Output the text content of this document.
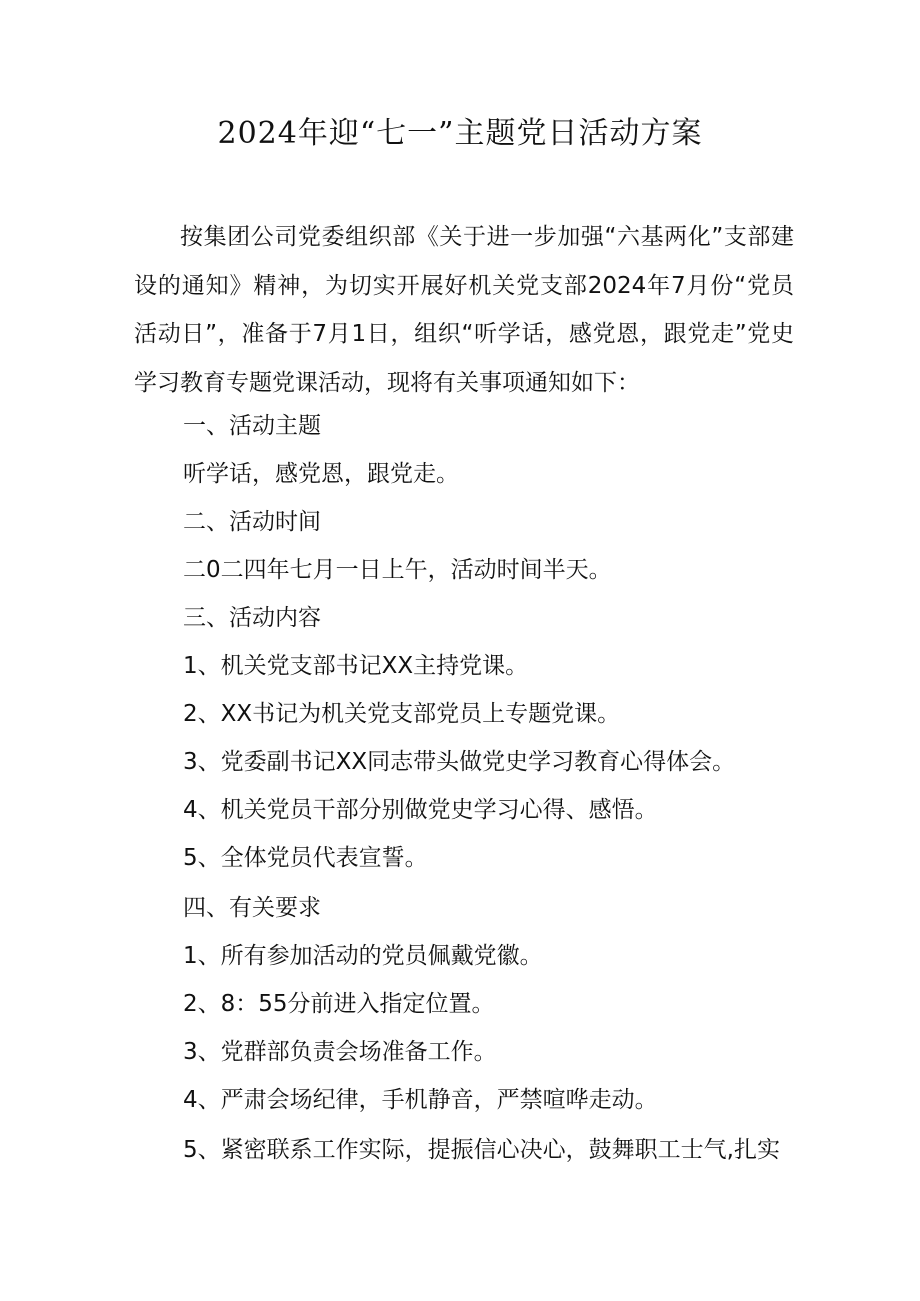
2024年迎“七一”主题党日活动方案
按集团公司党委组织部《关于进一步加强“六基两化”支部建设的通知》精神，为切实开展好机关党支部2024年7月份“党员活动日”，准备于7月1日，组织“听学话，感党恩，跟党走”党史学习教育专题党课活动，现将有关事项通知如下：
一、活动主题
听学话，感党恩，跟党走。
二、活动时间
二0二四年七月一日上午，活动时间半天。
三、活动内容
1、机关党支部书记XX主持党课。
2、XX书记为机关党支部党员上专题党课。
3、党委副书记XX同志带头做党史学习教育心得体会。
4、机关党员干部分别做党史学习心得、感悟。
5、全体党员代表宣誓。
四、有关要求
1、所有参加活动的党员佩戴党徽。
2、8：55分前进入指定位置。
3、党群部负责会场准备工作。
4、严肃会场纪律，手机静音，严禁喧哗走动。
5、紧密联系工作实际，提振信心决心，鼓舞职工士气,扎实
